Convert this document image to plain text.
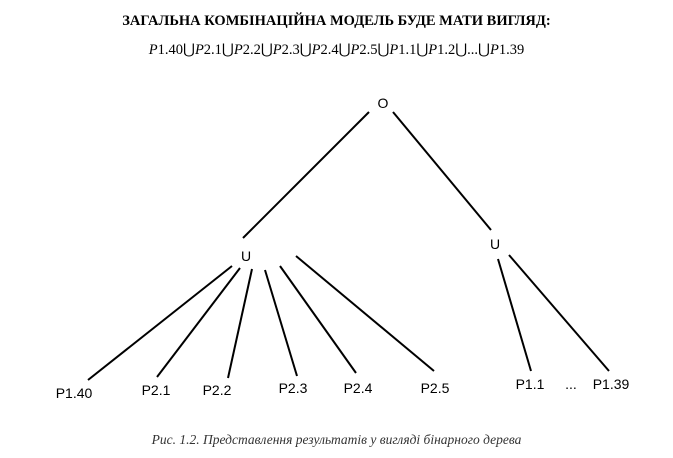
ЗАГАЛЬНА КОМБІНАЦІЙНА МОДЕЛЬ БУДЕ МАТИ ВИГЛЯД:
P1.40⋃P2.1⋃P2.2⋃P2.3⋃P2.4⋃P2.5⋃P1.1⋃P1.2⋃...⋃P1.39
O
U
U
P1.40	P2.1 P2.2	P2.3	P2.4	P2.5	P1.1 ... P1.39
Рис. 1.2. Представлення результатів у вигляді бінарного дерева
